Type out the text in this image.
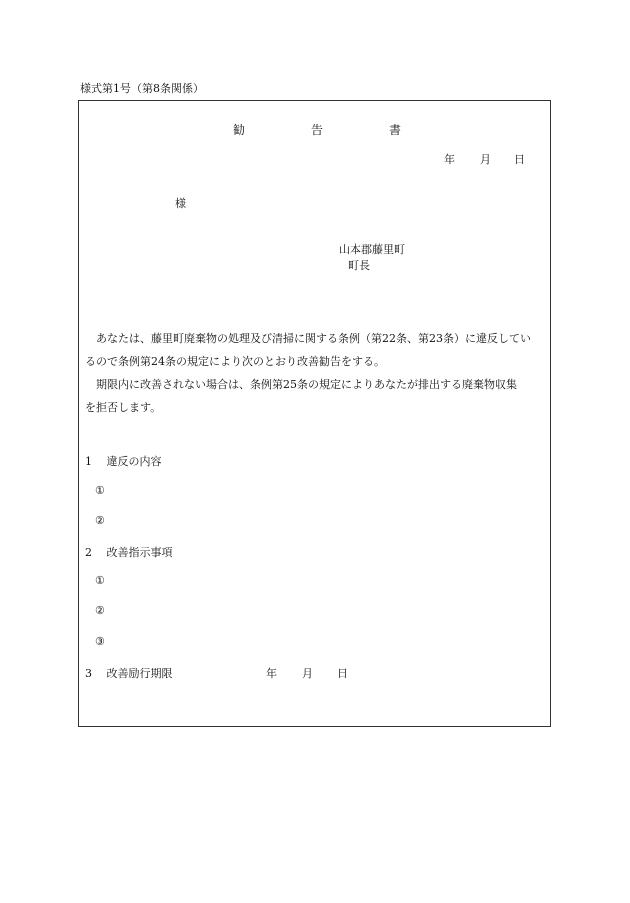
様式第1号（第8条関係）
勧	告	書
年 月 日
様
山本郡藤里町
町長
あなたは、藤里町廃棄物の処理及び清掃に関する条例（第22条、第23条）に違反してい
るので条例第24条の規定により次のとおり改善勧告をする。
期限内に改善されない場合は、条例第25条の規定によりあなたが排出する廃棄物収集
を拒否します。
1 違反の内容
①
②
2 改善指示事項
①
②
③
3 改善励行期限	年 月 日
